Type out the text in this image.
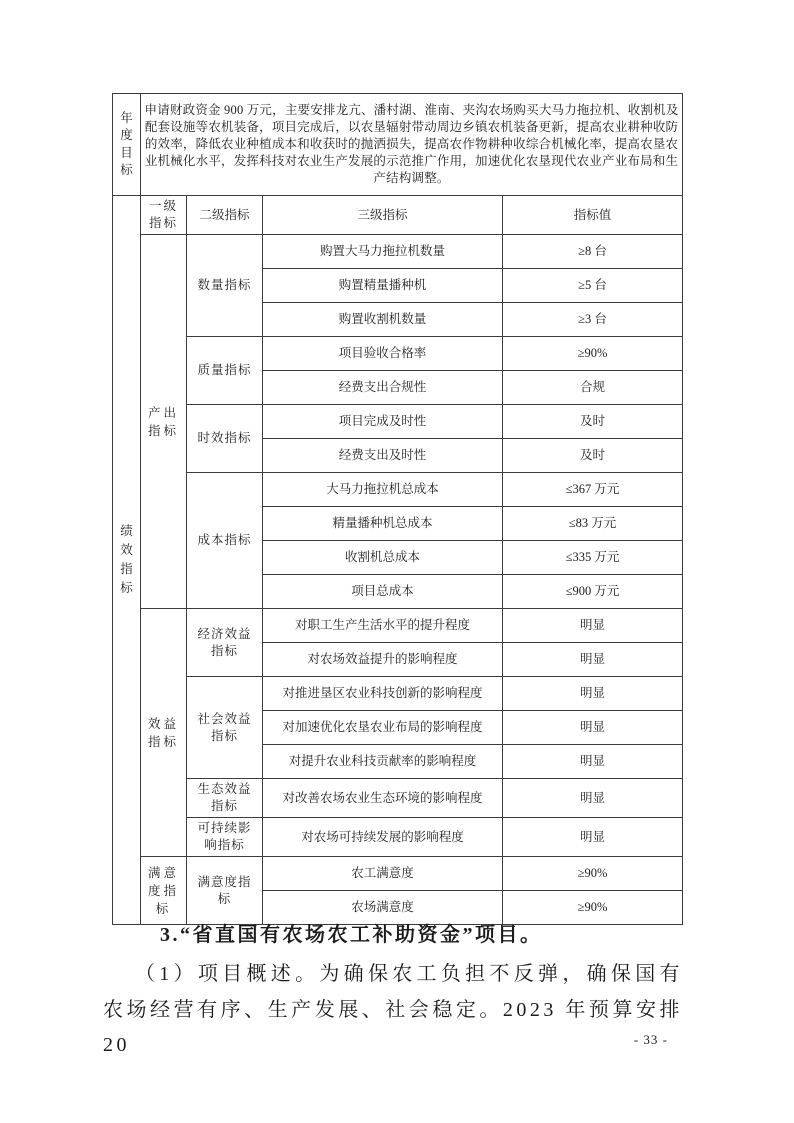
年度目标	申请财政资金 900 万元，主要安排龙亢、潘村湖、淮南、夹沟农场购买大马力拖拉机、收割机及配套设施等农机装备，项目完成后，以农垦辐射带动周边乡镇农机装备更新，提高农业耕种收防的效率，降低农业种植成本和收获时的抛洒损失，提高农作物耕种收综合机械化率，提高农垦农业机械化水平，发挥科技对农业生产发展的示范推广作用，加速优化农垦现代农业产业布局和生产结构调整。			
绩效指标	一级指标	二级指标	三级指标	指标值
	产出指标	数量指标	购置大马力拖拉机数量	≥8 台
			购置精量播种机	≥5 台
			购置收割机数量	≥3 台
		质量指标	项目验收合格率	≥90%
			经费支出合规性	合规
		时效指标	项目完成及时性	及时
			经费支出及时性	及时
		成本指标	大马力拖拉机总成本	≤367 万元
			精量播种机总成本	≤83 万元
			收割机总成本	≤335 万元
			项目总成本	≤900 万元
	效益指标	经济效益指标	对职工生产生活水平的提升程度	明显
			对农场效益提升的影响程度	明显
		社会效益指标	对推进垦区农业科技创新的影响程度	明显
			对加速优化农垦农业布局的影响程度	明显
			对提升农业科技贡献率的影响程度	明显
		生态效益指标	对改善农场农业生态环境的影响程度	明显
		可持续影响指标	对农场可持续发展的影响程度	明显
	满意度指标	满意度指标	农工满意度	≥90%
			农场满意度	≥90%
3.“省直国有农场农工补助资金”项目。
（1）项目概述。为确保农工负担不反弹，确保国有农场经营有序、生产发展、社会稳定。2023 年预算安排 20	- 33 -
